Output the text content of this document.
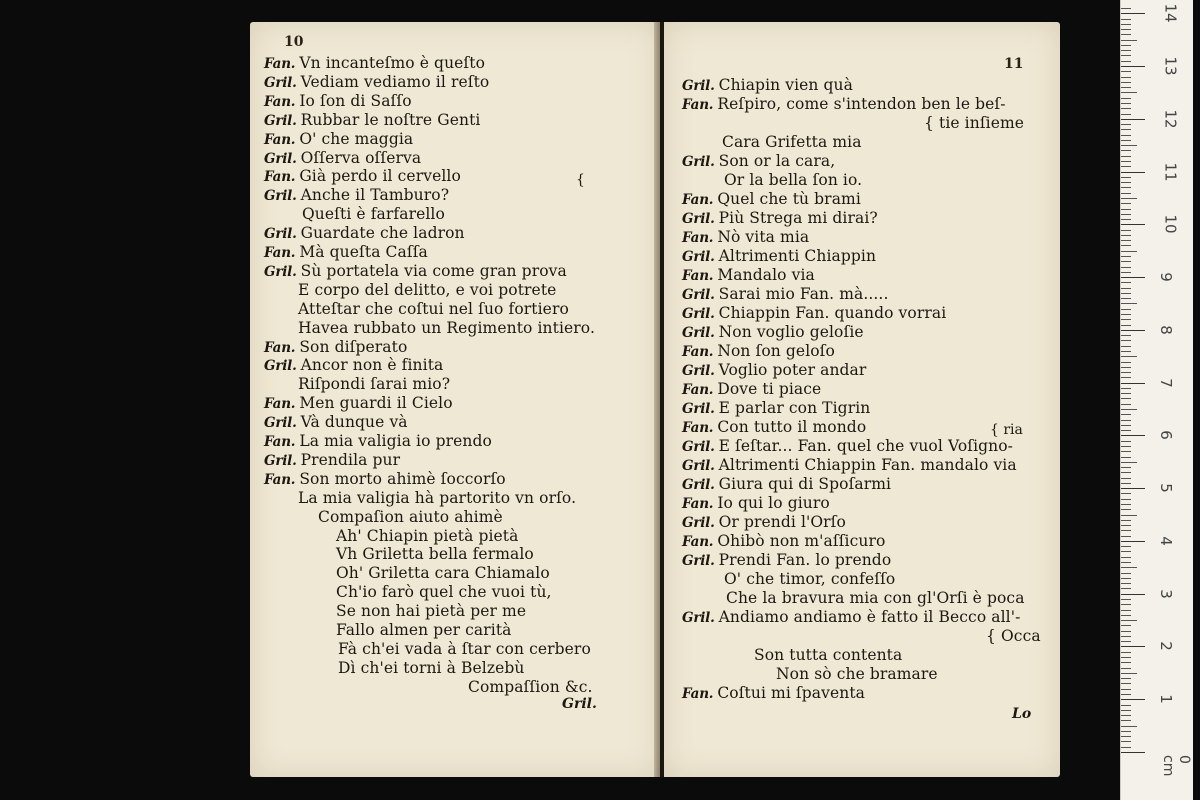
10
Fan. Vn incanteſmo è queſto
Gril. Vediam vediamo il reſto
Fan. Io ſon di Saſſo
Gril. Rubbar le noſtre Genti
Fan. O' che maggia
Gril. Oſſerva oſſerva
Fan. Già perdo il cervello
Gril. Anche il Tamburo?
Queſti è farfarello
Gril. Guardate che ladron
Fan. Mà queſta Caſſa
Gril. Sù portatela via come gran prova
E corpo del delitto, e voi potrete
Atteſtar che coſtui nel ſuo fortiero
Havea rubbato un Regimento intiero.
Fan. Son diſperato
Gril. Ancor non è finita
Riſpondi ſarai mio?
Fan. Men guardi il Cielo
Gril. Và dunque và
Fan. La mia valigia io prendo
Gril. Prendila pur
Fan. Son morto ahimè ſoccorſo
La mia valigia hà partorito vn orſo.
Compaſion aiuto ahimè
Ah' Chiapin pietà pietà
Vh Griletta bella fermalo
Oh' Griletta cara Chiamalo
Ch'io farò quel che vuoi tù,
Se non hai pietà per me
Fallo almen per carità
Fà ch'ei vada à ſtar con cerbero
Dì ch'ei torni à Belzebù
Compaſſion &c.
{
Gril.
11
Gril. Chiapin vien quà
Fan. Reſpiro, come s'intendon ben le beſ-
{ tie inſieme
Cara Grifetta mia
Gril. Son or la cara,
Or la bella ſon io.
Fan. Quel che tù brami
Gril. Più Strega mi dirai?
Fan. Nò vita mia
Gril. Altrimenti Chiappin
Fan. Mandalo via
Gril. Sarai mio Fan. mà.....
Gril. Chiappin Fan. quando vorrai
Gril. Non voglio geloſie
Fan. Non ſon geloſo
Gril. Voglio poter andar
Fan. Dove ti piace
Gril. E parlar con Tigrin
Fan. Con tutto il mondo
Gril. E ſeſtar... Fan. quel che vuol Voſigno-
Gril. Altrimenti Chiappin Fan. mandalo via
Gril. Giura qui di Spoſarmi
Fan. Io qui lo giuro
Gril. Or prendi l'Orſo
Fan. Ohibò non m'aſſicuro
Gril. Prendi Fan. lo prendo
O' che timor, confeſſo
Che la bravura mia con gl'Orſi è poca
Gril. Andiamo andiamo è fatto il Becco all'-
{ Occa
Son tutta contenta
Non sò che bramare
Fan. Coſtui mi ſpaventa
{ ria
Lo
0 cm
14
13
12
11
10
9
8
7
6
5
4
3
2
1
